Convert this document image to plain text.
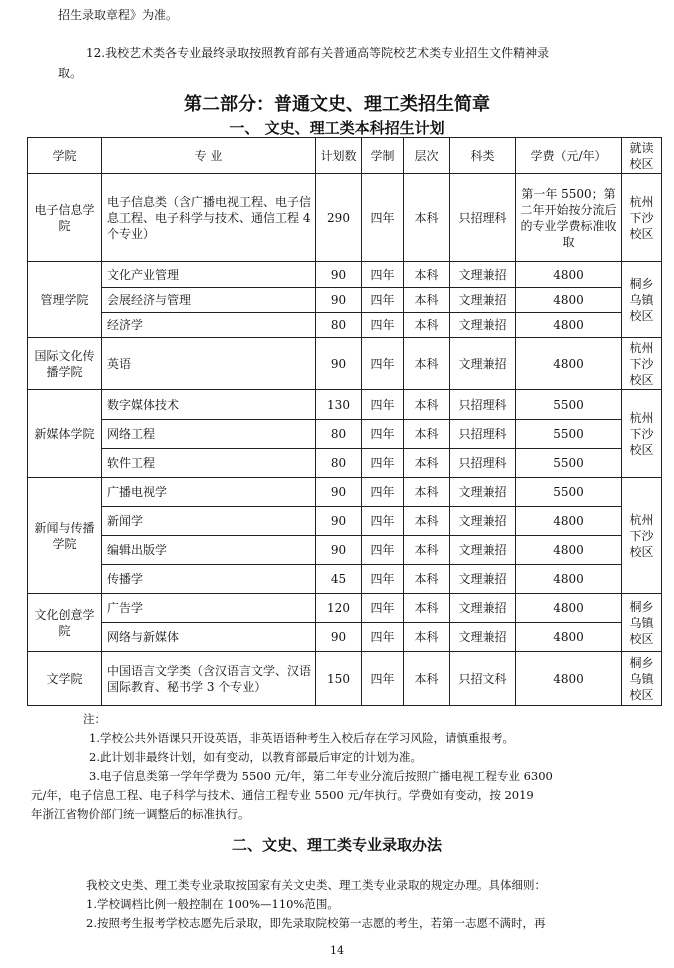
招生录取章程》为准。
12.我校艺术类各专业最终录取按照教育部有关普通高等院校艺术类专业招生文件精神录
取。
第二部分：普通文史、理工类招生简章
一、 文史、理工类本科招生计划
学院	专 业	计划数	学制	层次	科类	学费（元/年）	就读校区
电子信息学院	电子信息类（含广播电视工程、电子信息工程、电子科学与技术、通信工程 4 个专业）	290	四年	本科	只招理科	第一年 5500；第二年开始按分流后的专业学费标准收取	杭州下沙校区
管理学院	文化产业管理	90	四年	本科	文理兼招	4800	桐乡乌镇校区
	会展经济与管理	90	四年	本科	文理兼招	4800	
	经济学	80	四年	本科	文理兼招	4800	
国际文化传播学院	英语	90	四年	本科	文理兼招	4800	杭州下沙校区
新媒体学院	数字媒体技术	130	四年	本科	只招理科	5500	杭州下沙校区
	网络工程	80	四年	本科	只招理科	5500	
	软件工程	80	四年	本科	只招理科	5500	
新闻与传播学院	广播电视学	90	四年	本科	文理兼招	5500	杭州下沙校区
	新闻学	90	四年	本科	文理兼招	4800	
	编辑出版学	90	四年	本科	文理兼招	4800	
	传播学	45	四年	本科	文理兼招	4800	
文化创意学院	广告学	120	四年	本科	文理兼招	4800	桐乡乌镇校区
	网络与新媒体	90	四年	本科	文理兼招	4800	
文学院	中国语言文学类（含汉语言文学、汉语国际教育、秘书学 3 个专业）	150	四年	本科	只招文科	4800	桐乡乌镇校区
注：
1.学校公共外语课只开设英语，非英语语种考生入校后存在学习风险，请慎重报考。
2.此计划非最终计划，如有变动，以教育部最后审定的计划为准。
3.电子信息类第一学年学费为 5500 元/年，第二年专业分流后按照广播电视工程专业 6300
元/年，电子信息工程、电子科学与技术、通信工程专业 5500 元/年执行。学费如有变动，按 2019
年浙江省物价部门统一调整后的标准执行。
二、文史、理工类专业录取办法
我校文史类、理工类专业录取按国家有关文史类、理工类专业录取的规定办理。具体细则：
1.学校调档比例一般控制在 100%—110%范围。
2.按照考生报考学校志愿先后录取，即先录取院校第一志愿的考生，若第一志愿不满时，再
14
